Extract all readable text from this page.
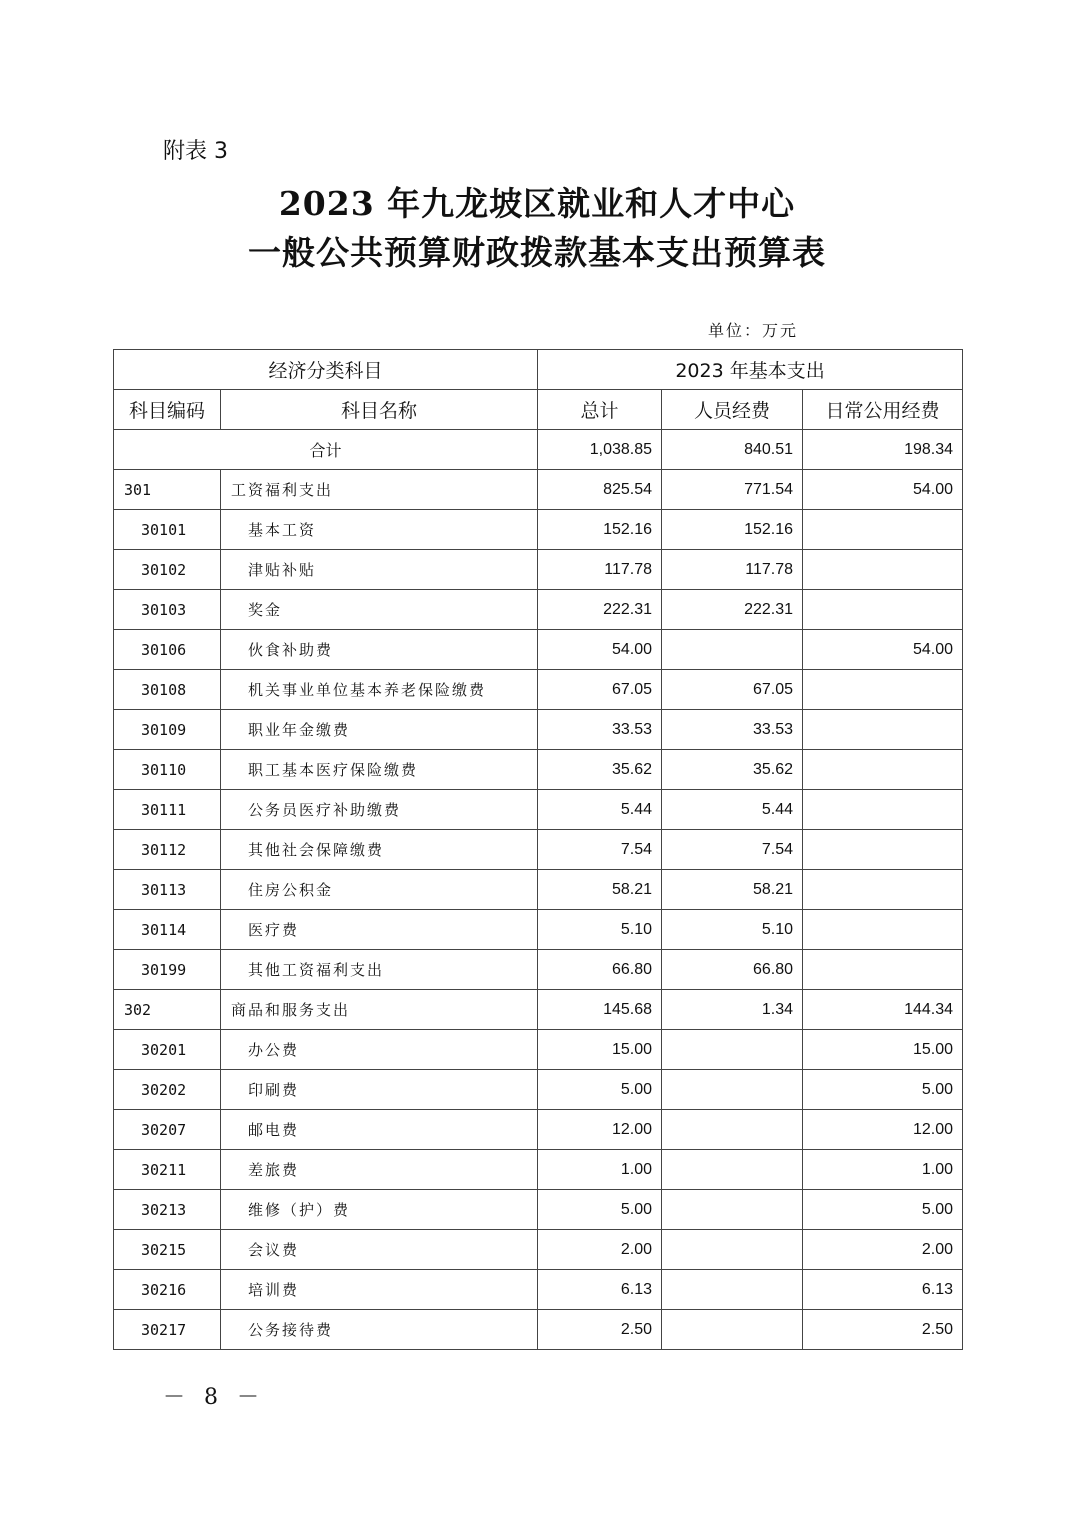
附表 3
2023 年九龙坡区就业和人才中心
一般公共预算财政拨款基本支出预算表
单位：万元
经济分类科目		2023 年基本支出		
科目编码	科目名称	总计	人员经费	日常公用经费
合计		1,038.85	840.51	198.34
301	工资福利支出	825.54	771.54	54.00
30101	基本工资	152.16	152.16	
30102	津贴补贴	117.78	117.78	
30103	奖金	222.31	222.31	
30106	伙食补助费	54.00		54.00
30108	机关事业单位基本养老保险缴费	67.05	67.05	
30109	职业年金缴费	33.53	33.53	
30110	职工基本医疗保险缴费	35.62	35.62	
30111	公务员医疗补助缴费	5.44	5.44	
30112	其他社会保障缴费	7.54	7.54	
30113	住房公积金	58.21	58.21	
30114	医疗费	5.10	5.10	
30199	其他工资福利支出	66.80	66.80	
302	商品和服务支出	145.68	1.34	144.34
30201	办公费	15.00		15.00
30202	印刷费	5.00		5.00
30207	邮电费	12.00		12.00
30211	差旅费	1.00		1.00
30213	维修（护）费	5.00		5.00
30215	会议费	2.00		2.00
30216	培训费	6.13		6.13
30217	公务接待费	2.50		2.50
－ 8 －
